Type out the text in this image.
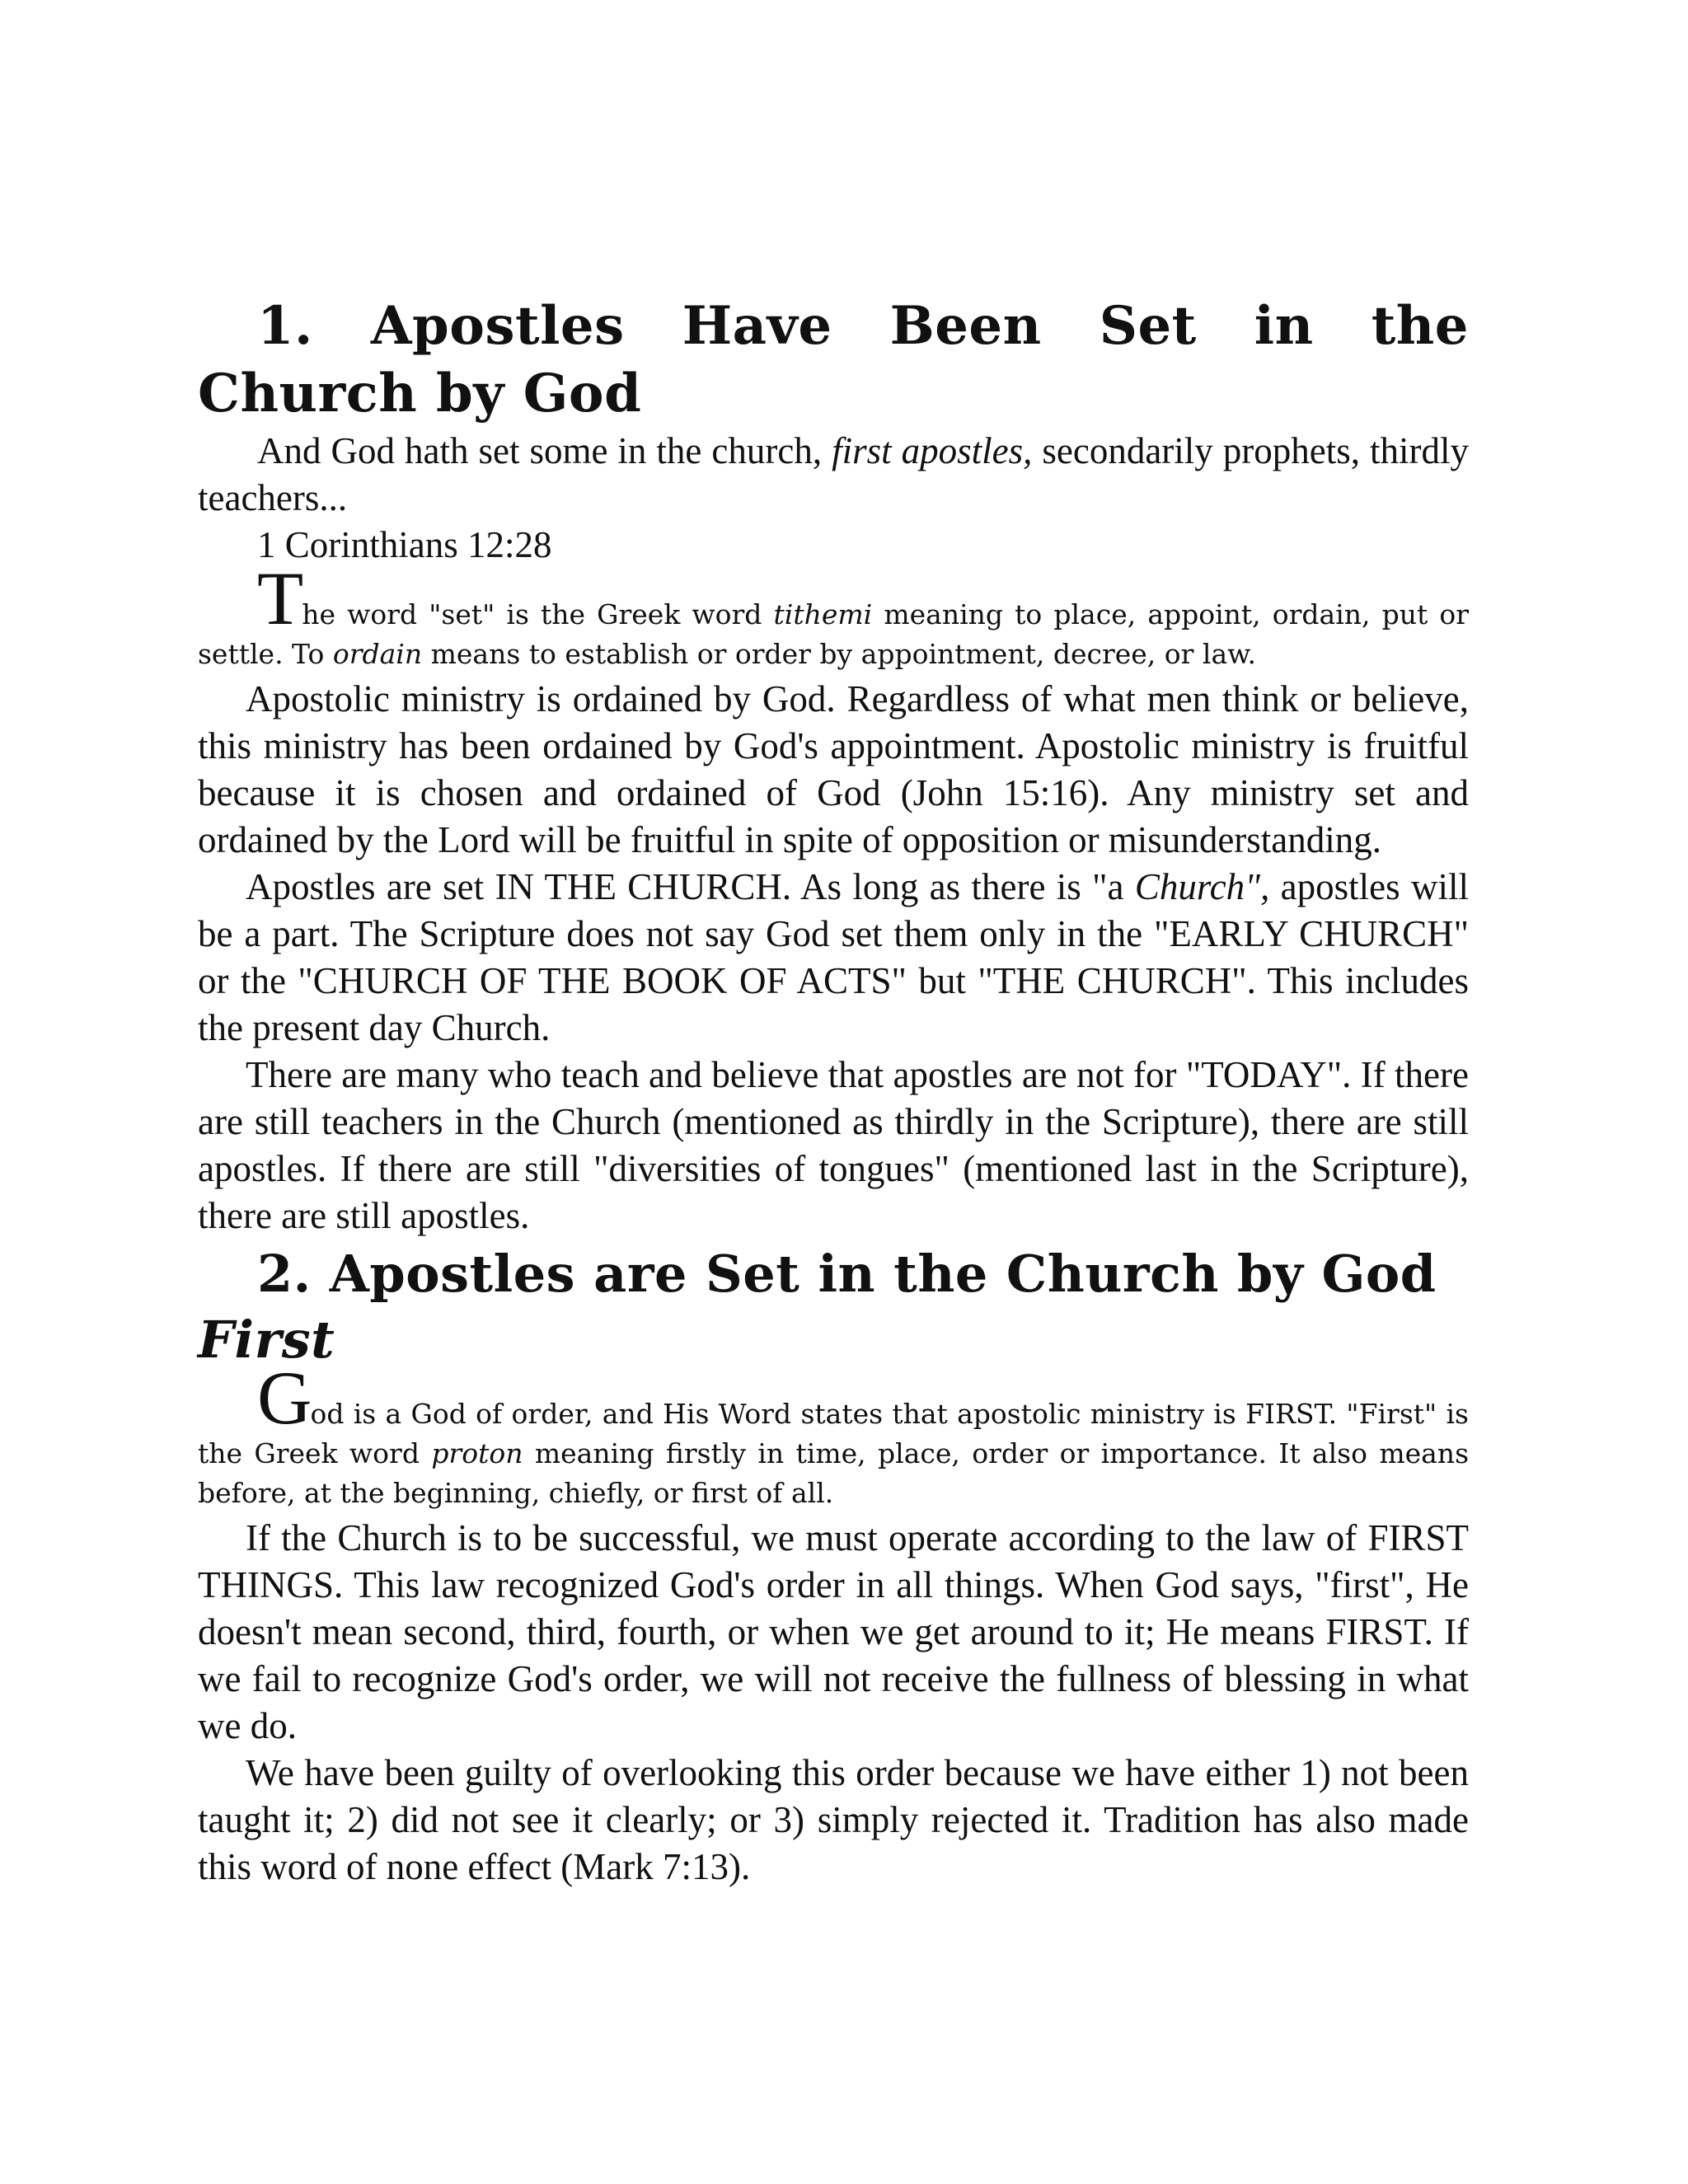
1. Apostles Have Been Set in the Church by God

And God hath set some in the church, first apostles, secondarily prophets, thirdly teachers...

1 Corinthians 12:28

The word "set" is the Greek word tithemi meaning to place, appoint, ordain, put or settle. To ordain means to establish or order by appointment, decree, or law.

Apostolic ministry is ordained by God. Regardless of what men think or believe, this ministry has been ordained by God's appointment. Apostolic ministry is fruitful because it is chosen and ordained of God (John 15:16). Any ministry set and ordained by the Lord will be fruitful in spite of opposition or misunderstanding.

Apostles are set IN THE CHURCH. As long as there is "a Church", apostles will be a part. The Scripture does not say God set them only in the "EARLY CHURCH" or the "CHURCH OF THE BOOK OF ACTS" but "THE CHURCH". This includes the present day Church.

There are many who teach and believe that apostles are not for "TODAY". If there are still teachers in the Church (mentioned as thirdly in the Scripture), there are still apostles. If there are still "diversities of tongues" (mentioned last in the Scripture), there are still apostles.

2. Apostles are Set in the Church by God First

God is a God of order, and His Word states that apostolic ministry is FIRST. "First" is the Greek word proton meaning firstly in time, place, order or importance. It also means before, at the beginning, chiefly, or first of all.

If the Church is to be successful, we must operate according to the law of FIRST THINGS. This law recognized God's order in all things. When God says, "first", He doesn't mean second, third, fourth, or when we get around to it; He means FIRST. If we fail to recognize God's order, we will not receive the fullness of blessing in what we do.

We have been guilty of overlooking this order because we have either 1) not been taught it; 2) did not see it clearly; or 3) simply rejected it. Tradition has also made this word of none effect (Mark 7:13).
